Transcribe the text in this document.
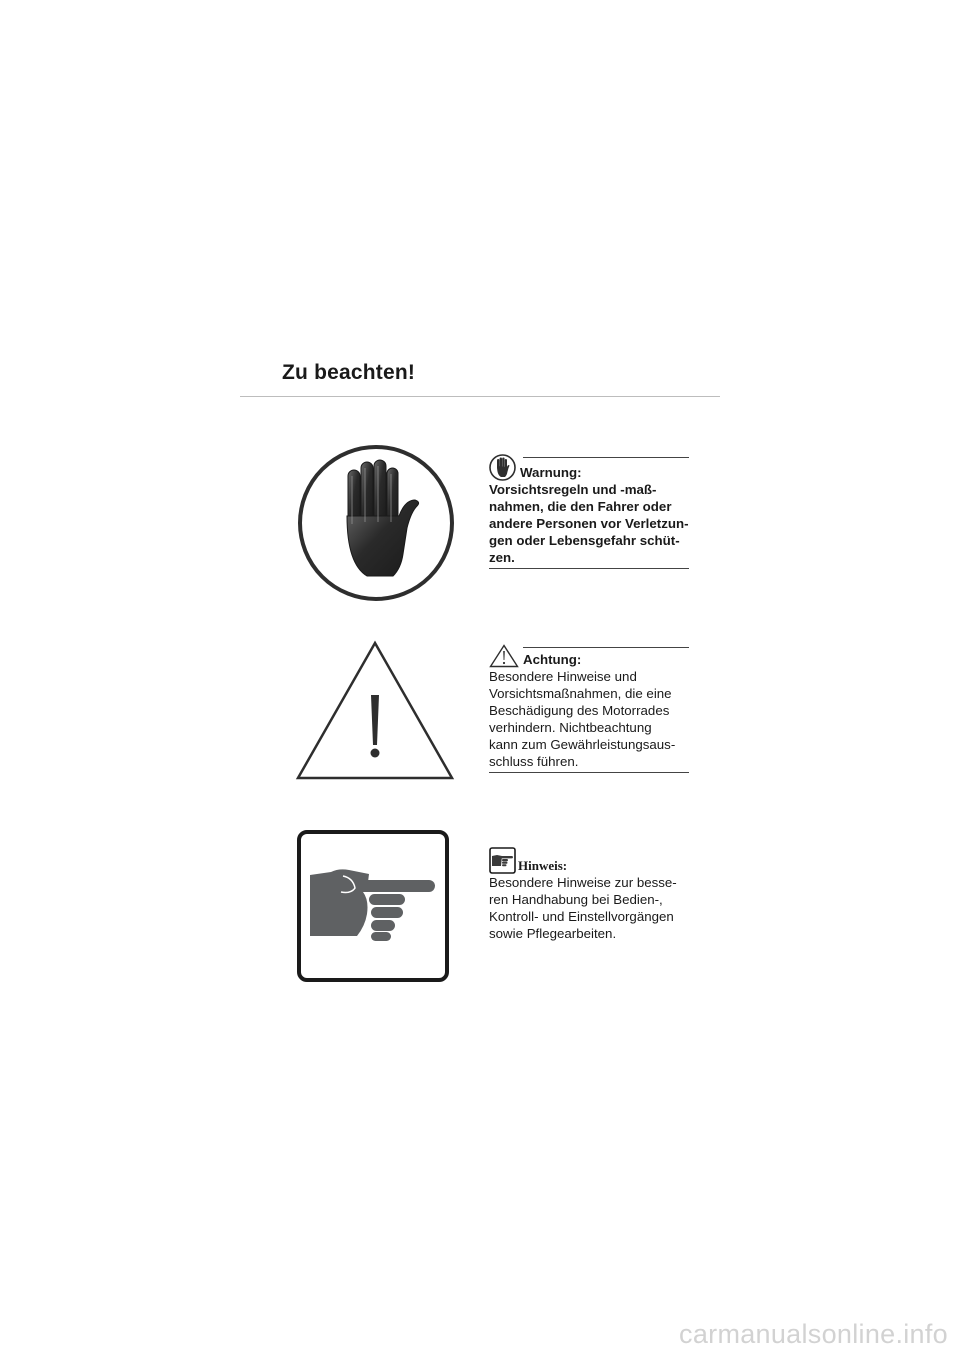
Zu beachten!
Warnung:

Vorsichtsregeln und -maß-
nahmen, die den Fahrer oder
andere Personen vor Verletzun-
gen oder Lebensgefahr schüt-
zen.

Achtung:

Besondere Hinweise und
Vorsichtsmaßnahmen, die eine
Beschädigung des Motorrades
verhindern. Nichtbeachtung
kann zum Gewährleistungsaus-
schluss führen.

Hinweis:

Besondere Hinweise zur besse-
ren Handhabung bei Bedien-,
Kontroll- und Einstellvorgängen
sowie Pflegearbeiten.

carmanualsonline.info
